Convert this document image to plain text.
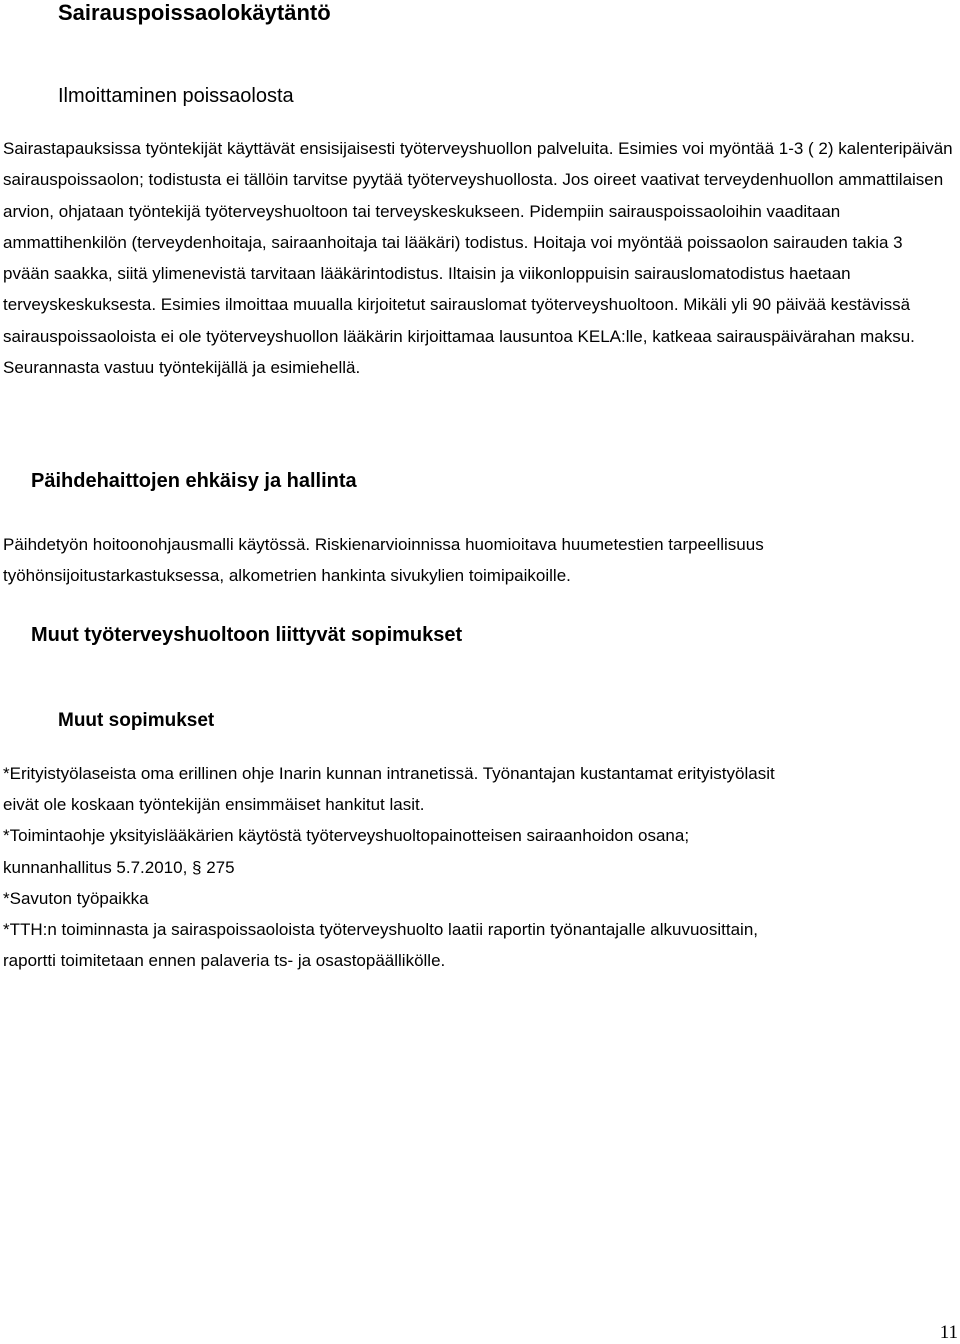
Sairauspoissaolokäytäntö
Ilmoittaminen poissaolosta
Sairastapauksissa työntekijät käyttävät ensisijaisesti työterveyshuollon palveluita. Esimies voi myöntää 1-3 ( 2) kalenteripäivän sairauspoissaolon; todistusta ei tällöin tarvitse pyytää työterveyshuollosta. Jos oireet vaativat terveydenhuollon ammattilaisen arvion, ohjataan työntekijä työterveyshuoltoon tai terveyskeskukseen. Pidempiin sairauspoissaoloihin vaaditaan ammattihenkilön (terveydenhoitaja, sairaanhoitaja tai lääkäri) todistus. Hoitaja voi myöntää poissaolon sairauden takia 3 pvään saakka, siitä ylimenevistä tarvitaan lääkärintodistus. Iltaisin ja viikonloppuisin sairauslomatodistus haetaan terveyskeskuksesta. Esimies ilmoittaa muualla kirjoitetut sairauslomat työterveyshuoltoon. Mikäli yli 90 päivää kestävissä sairauspoissaoloista ei ole työterveyshuollon lääkärin kirjoittamaa lausuntoa KELA:lle, katkeaa sairauspäivärahan maksu. Seurannasta vastuu työntekijällä ja esimiehellä.
Päihdehaittojen ehkäisy ja hallinta
Päihdetyön hoitoonohjausmalli käytössä. Riskienarvioinnissa huomioitava huumetestien tarpeellisuus työhönsijoitustarkastuksessa, alkometrien hankinta sivukylien toimipaikoille.
Muut työterveyshuoltoon liittyvät sopimukset
Muut sopimukset
*Erityistyölaseista oma erillinen ohje Inarin kunnan intranetissä. Työnantajan kustantamat erityistyölasit
eivät ole koskaan työntekijän ensimmäiset hankitut lasit.
*Toimintaohje yksityislääkärien käytöstä työterveyshuoltopainotteisen sairaanhoidon osana;
kunnanhallitus 5.7.2010, § 275
*Savuton työpaikka
*TTH:n toiminnasta ja sairaspoissaoloista työterveyshuolto laatii raportin työnantajalle alkuvuosittain,
raportti toimitetaan ennen palaveria ts- ja osastopäällikölle.
11
